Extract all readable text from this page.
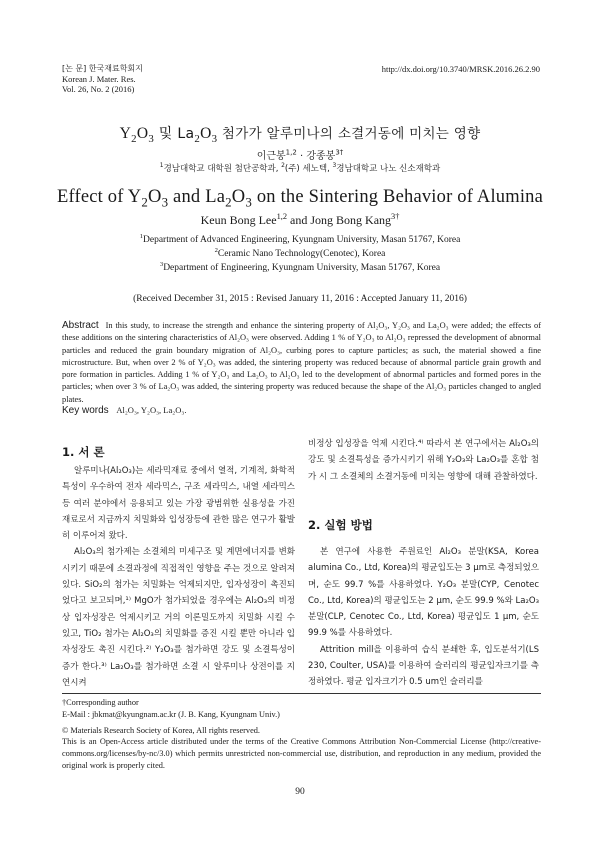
[논 문] 한국재료학회지
Korean J. Mater. Res.
Vol. 26, No. 2 (2016)
http://dx.doi.org/10.3740/MRSK.2016.26.2.90
$Y_2O_3$ 및 $La_2O_3$ 첨가가 알루미나의 소결거동에 미치는 영향
이근봉$^{1,2}$ · 강종봉$^{3\dagger}$
$^1$경남대학교 대학원 첨단공학과, $^2$(주) 세노텍, $^3$경남대학교 나노 신소재학과
Effect of $Y_2O_3$ and $La_2O_3$ on the Sintering Behavior of Alumina
Keun Bong Lee$^{1,2}$ and Jong Bong Kang$^{3\dagger}$
$^1$Department of Advanced Engineering, Kyungnam University, Masan 51767, Korea
$^2$Ceramic Nano Technology(Cenotec), Korea
$^3$Department of Engineering, Kyungnam University, Masan 51767, Korea
(Received December 31, 2015 : Revised January 11, 2016 : Accepted January 11, 2016)
Abstract In this study, to increase the strength and enhance the sintering property of Al₂O₃, Y₂O₃ and La₂O₃ were added; the effects of these additions on the sintering characteristics of Al₂O₃ were observed. Adding 1 % of Y₂O₃ to Al₂O₃ repressed the development of abnormal particles and reduced the grain boundary migration of Al₂O₃, curbing pores to capture particles; as such, the material showed a fine microstructure. But, when over 2 % of Y₂O₃ was added, the sintering property was reduced because of abnormal particle grain growth and pore formation in particles. Adding 1 % of Y₂O₃ and La₂O₃ to Al₂O₃ led to the development of abnormal particles and formed pores in the particles; when over 3 % of La₂O₃ was added, the sintering property was reduced because the shape of the Al₂O₃ particles changed to angled plates.
Key words Al₂O₃, Y₂O₃, La₂O₃.
1. 서 론

알루미나(Al₂O₃)는 세라믹재료 중에서 열적, 기계적, 화학적 특성이 우수하여 전자 세라믹스, 구조 세라믹스, 내열 세라믹스 등 여러 분야에서 응용되고 있는 가장 광범위한 실용성을 가진 재료로서 지금까지 치밀화와 입성장등에 관한 많은 연구가 활발히 이루어져 왔다.

Al₂O₃의 첨가제는 소결체의 미세구조 및 계면에너지를 변화시키기 때문에 소결과정에 직접적인 영향을 주는 것으로 알려져 있다. SiO₂의 첨가는 치밀화는 억제되지만, 입자성장이 촉진되었다고 보고되며,¹⁾ MgO가 첨가되었을 경우에는 Al₂O₃의 비정상 입자성장은 억제시키고 거의 이론밀도까지 치밀화 시킬 수 있고, TiO₂ 첨가는 Al₂O₃의 치밀화를 증진 시킬 뿐만 아니라 입자성장도 촉진 시킨다.²⁾ Y₂O₃를 첨가하면 강도 및 소결특성이 증가 한다.³⁾ La₂O₃를 첨가하면 소결 시 알루미나 상전이를 지연시켜

비정상 입성장을 억제 시킨다.⁴⁾ 따라서 본 연구에서는 Al₂O₃의 강도 및 소결특성을 증가시키기 위해 Y₂O₃와 La₂O₃를 혼합 첨가 시 그 소결체의 소결거동에 미치는 영향에 대해 관찰하였다.

2. 실험 방법

본 연구에 사용한 주원료인 Al₂O₃ 분말(KSA, Korea alumina Co., Ltd, Korea)의 평균입도는 3 µm로 측정되었으며, 순도 99.7 %를 사용하였다. Y₂O₃ 분말(CYP, Cenotec Co., Ltd, Korea)의 평균입도는 2 µm, 순도 99.9 %와 La₂O₃ 분말(CLP, Cenotec Co., Ltd, Korea) 평균입도 1 µm, 순도 99.9 %를 사용하였다.

Attrition mill을 이용하여 습식 분쇄한 후, 입도분석기(LS 230, Coulter, USA)를 이용하여 슬러리의 평균입자크기를 측정하였다. 평균 입자크기가 0.5 um인 슬러리를

†Corresponding author
E-Mail : jbkmat@kyungnam.ac.kr (J. B. Kang, Kyungnam Univ.)
© Materials Research Society of Korea, All rights reserved.
This is an Open-Access article distributed under the terms of the Creative Commons Attribution Non-Commercial License (http://creative-commons.org/licenses/by-nc/3.0) which permits unrestricted non-commercial use, distribution, and reproduction in any medium, provided the original work is properly cited.
90
